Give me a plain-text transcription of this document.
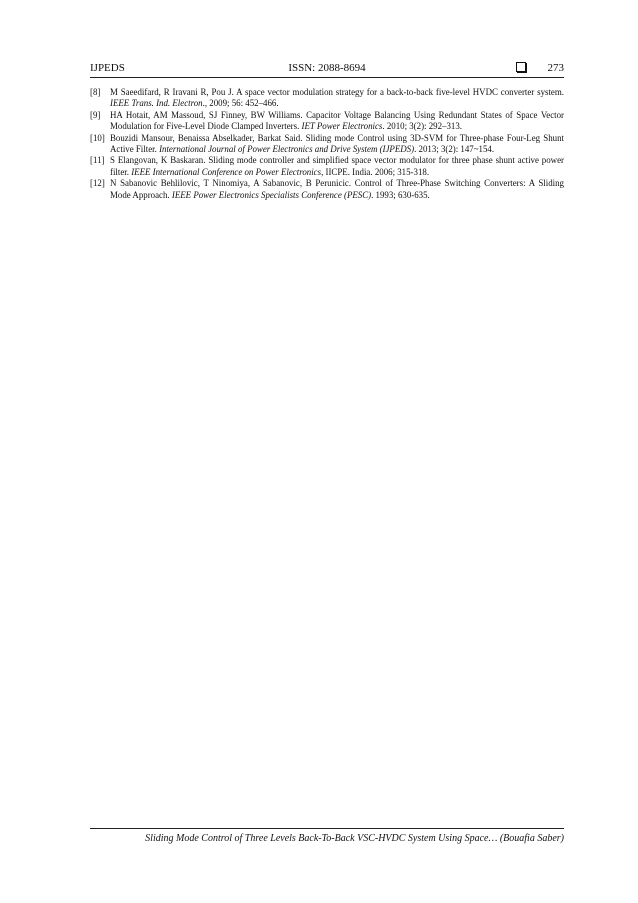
IJPEDS	ISSN: 2088-8694	273

[8] M Saeedifard, R Iravani R, Pou J. A space vector modulation strategy for a back-to-back five-level HVDC converter system. IEEE Trans. Ind. Electron., 2009; 56: 452–466.

[9] HA Hotait, AM Massoud, SJ Finney, BW Williams. Capacitor Voltage Balancing Using Redundant States of Space Vector Modulation for Five-Level Diode Clamped Inverters. IET Power Electronics. 2010; 3(2): 292–313.

[10] Bouzidi Mansour, Benaissa Abselkader, Barkat Said. Sliding mode Control using 3D-SVM for Three-phase Four-Leg Shunt Active Filter. International Journal of Power Electronics and Drive System (IJPEDS). 2013; 3(2): 147~154.

[11] S Elangovan, K Baskaran. Sliding mode controller and simplified space vector modulator for three phase shunt active power filter. IEEE International Conference on Power Electronics, IICPE. India. 2006; 315-318.

[12] N Sabanovic Behlilovic, T Ninomiya, A Sabanovic, B Perunicic. Control of Three-Phase Switching Converters: A Sliding Mode Approach. IEEE Power Electronics Specialists Conference (PESC). 1993; 630-635.

Sliding Mode Control of Three Levels Back-To-Back VSC-HVDC System Using Space… (Bouafia Saber)
